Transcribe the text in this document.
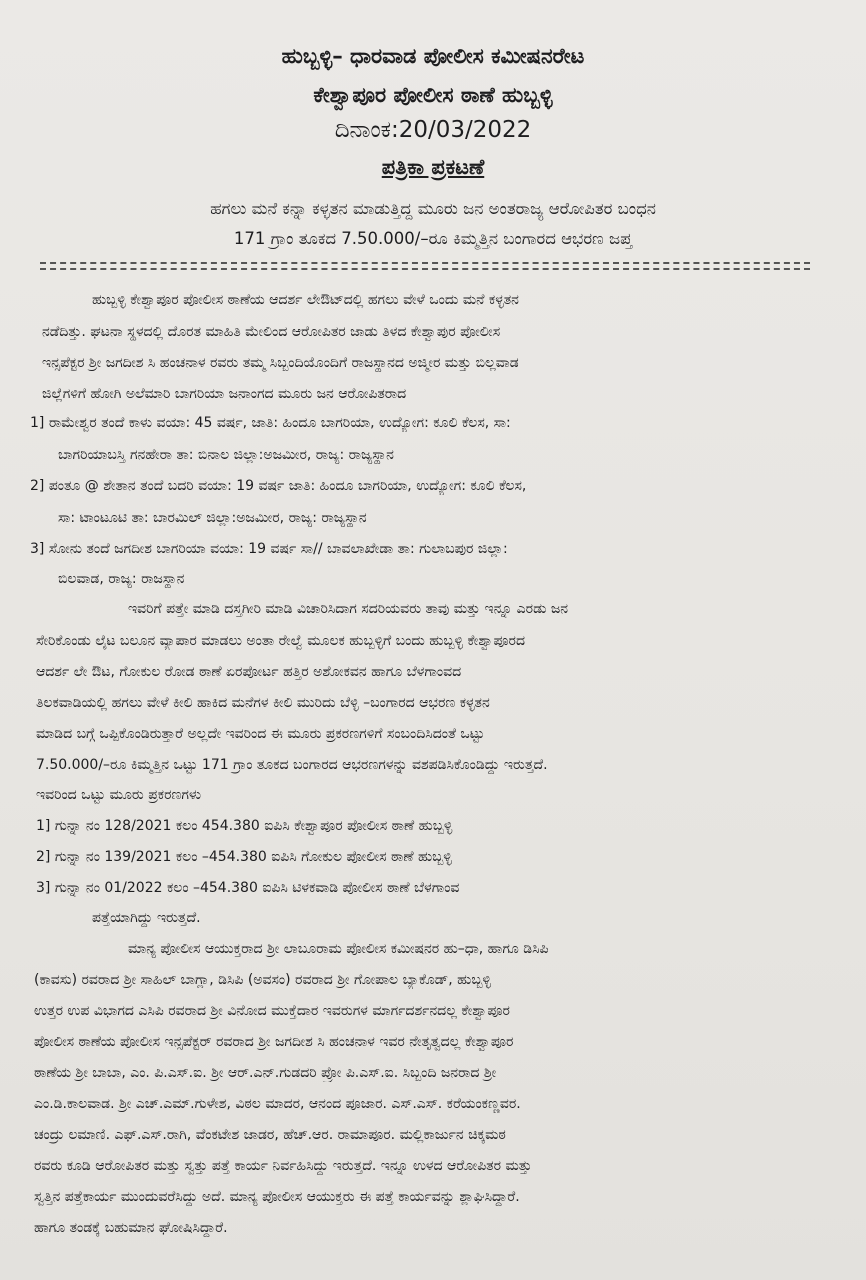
ಹುಬ್ಬಳ್ಳಿ– ಧಾರವಾಡ ಪೋಲೀಸ ಕಮೀಷನರೇಟ
ಕೇಶ್ವಾಪೂರ ಪೋಲೀಸ ಠಾಣೆ ಹುಬ್ಬಳ್ಳಿ
ದಿನಾಂಕ:20/03/2022
ಪತ್ರಿಕಾ ಪ್ರಕಟಣೆ
ಹಗಲು ಮನೆ ಕನ್ನಾ ಕಳ್ಳತನ ಮಾಡುತ್ತಿದ್ದ ಮೂರು ಜನ ಅಂತರಾಜ್ಯ ಆರೋಪಿತರ ಬಂಧನ
171 ಗ್ರಾಂ ತೂಕದ 7.50.000/–ರೂ ಕಿಮ್ಮತ್ತಿನ ಬಂಗಾರದ ಆಭರಣ ಜಪ್ತ
ಹುಬ್ಬಳ್ಳಿ ಕೇಶ್ವಾಪೂರ ಪೋಲೀಸ ಠಾಣೆಯ ಆದರ್ಶ ಲೇಔಟ್‌ದಲ್ಲಿ ಹಗಲು ವೇಳೆ ಒಂದು ಮನೆ ಕಳ್ಳತನ
ನಡೆದಿತ್ತು. ಘಟನಾ ಸ್ಥಳದಲ್ಲಿ ದೊರತ ಮಾಹಿತಿ ಮೇಲಿಂದ ಆರೋಪಿತರ ಜಾಡು ತಿಳದ ಕೇಶ್ವಾಪುರ ಪೋಲೀಸ
ಇನ್ಸಪೆಕ್ಟರ ಶ್ರೀ ಜಗದೀಶ ಸಿ ಹಂಚನಾಳ ರವರು ತಮ್ಮ ಸಿಬ್ಬಂದಿಯೊಂದಿಗೆ ರಾಜಸ್ಥಾನದ ಅಜ್ಮೀರ ಮತ್ತು ಬಿಲ್ಲವಾಡ
ಜಿಲ್ಲೆಗಳಿಗೆ ಹೋಗಿ ಅಲೆಮಾರಿ ಬಾಗರಿಯಾ ಜನಾಂಗದ ಮೂರು ಜನ ಆರೋಪಿತರಾದ
1] ರಾಮೇಶ್ವರ ತಂದೆ ಕಾಳು ವಯಾ: 45 ವರ್ಷ, ಜಾತಿ: ಹಿಂದೂ ಬಾಗರಿಯಾ, ಉದ್ಯೋಗ: ಕೂಲಿ ಕೆಲಸ, ಸಾ:
ಬಾಗರಿಯಾಬಸ್ತಿ ಗನಹೇರಾ ತಾ: ಬಿನಾಲ ಜಿಲ್ಲಾ:ಅಜಮೀರ, ರಾಜ್ಯ: ರಾಜ್ಯಸ್ಥಾನ
2] ಪಂತೂ @ ಶೇತಾನ ತಂದೆ ಬದರಿ ವಯಾ: 19 ವರ್ಷ ಜಾತಿ: ಹಿಂದೂ ಬಾಗರಿಯಾ, ಉದ್ಯೋಗ: ಕೂಲಿ ಕೆಲಸ,
ಸಾ: ಟಾಂಟೂಟಿ ತಾ: ಬಾರಮಿಲ್ ಜಿಲ್ಲಾ:ಅಜಮೀರ, ರಾಜ್ಯ: ರಾಜ್ಯಸ್ಥಾನ
3] ಸೋನು ತಂದೆ ಜಗದೀಶ ಬಾಗರಿಯಾ ವಯಾ: 19 ವರ್ಷ ಸಾ// ಬಾವಲಾಖೇಡಾ ತಾ: ಗುಲಾಬಪುರ ಜಿಲ್ಲಾ:
ಬಿಲವಾಡ, ರಾಜ್ಯ: ರಾಜಸ್ಥಾನ
ಇವರಿಗೆ ಪತ್ತೇ ಮಾಡಿ ದಸ್ತಗೀರಿ ಮಾಡಿ ವಿಚಾರಿಸಿದಾಗ ಸದರಿಯವರು ತಾವು ಮತ್ತು ಇನ್ನೂ ಎರಡು ಜನ
ಸೇರಿಕೊಂಡು ಲೈಟ ಬಲೂನ ವ್ಯಾಪಾರ ಮಾಡಲು ಅಂತಾ ರೇಲ್ವೆ ಮೂಲಕ ಹುಬ್ಬಳ್ಳಿಗೆ ಬಂದು ಹುಬ್ಬಳ್ಳಿ ಕೇಶ್ವಾಪೂರದ
ಆದರ್ಶ ಲೇ ಔಟ, ಗೋಕುಲ ರೋಡ ಠಾಣೆ ಏರಪೋರ್ಟ ಹತ್ತಿರ ಅಶೋಕವನ ಹಾಗೂ ಬೆಳಗಾಂವದ
ತಿಲಕವಾಡಿಯಲ್ಲಿ ಹಗಲು ವೇಳೆ ಕೀಲಿ ಹಾಕಿದ ಮನೆಗಳ ಕೀಲಿ ಮುರಿದು ಬೆಳ್ಳಿ –ಬಂಗಾರದ ಆಭರಣ ಕಳ್ಳತನ
ಮಾಡಿದ ಬಗ್ಗೆ ಒಪ್ಪಿಕೊಂಡಿರುತ್ತಾರೆ ಅಲ್ಲದೇ ಇವರಿಂದ ಈ ಮೂರು ಪ್ರಕರಣಗಳಿಗೆ ಸಂಬಂದಿಸಿದಂತೆ ಒಟ್ಟು
7.50.000/–ರೂ ಕಿಮ್ಮತ್ತಿನ ಒಟ್ಟು 171 ಗ್ರಾಂ ತೂಕದ ಬಂಗಾರದ ಆಭರಣಗಳನ್ನು ವಶಪಡಿಸಿಕೊಂಡಿದ್ದು ಇರುತ್ತದೆ.
ಇವರಿಂದ ಒಟ್ಟು ಮೂರು ಪ್ರಕರಣಗಳು
1] ಗುನ್ನಾ ನಂ 128/2021 ಕಲಂ 454.380 ಐಪಿಸಿ ಕೇಶ್ವಾಪೂರ ಪೋಲೀಸ ಠಾಣೆ ಹುಬ್ಬಳ್ಳಿ
2] ಗುನ್ನಾ ನಂ 139/2021 ಕಲಂ –454.380 ಐಪಿಸಿ ಗೋಕುಲ ಪೋಲೀಸ ಠಾಣೆ ಹುಬ್ಬಳ್ಳಿ
3] ಗುನ್ನಾ ನಂ 01/2022 ಕಲಂ –454.380 ಐಪಿಸಿ ಟಿಳಕವಾಡಿ ಪೋಲೀಸ ಠಾಣೆ ಬೆಳಗಾಂವ
ಪತ್ತೆಯಾಗಿದ್ದು ಇರುತ್ತದೆ.
ಮಾನ್ಯ ಪೋಲೀಸ ಆಯುಕ್ತರಾದ ಶ್ರೀ ಲಾಬೂರಾಮ ಪೋಲೀಸ ಕಮೀಷನರ ಹು–ಧಾ, ಹಾಗೂ ಡಿಸಿಪಿ
(ಕಾವಸು) ರವರಾದ ಶ್ರೀ ಸಾಹಿಲ್ ಬಾಗ್ಲಾ, ಡಿಸಿಪಿ (ಅವಸಂ) ರವರಾದ ಶ್ರೀ ಗೋಪಾಲ ಬ್ಯಾಕೊಡ್, ಹುಬ್ಬಳ್ಳಿ
ಉತ್ತರ ಉಪ ವಿಭಾಗದ ಎಸಿಪಿ ರವರಾದ ಶ್ರೀ ವಿನೋದ ಮುಕ್ತೆದಾರ ಇವರುಗಳ ಮಾರ್ಗದರ್ಶನದಲ್ಲ ಕೇಶ್ವಾಪೂರ
ಪೋಲೀಸ ಠಾಣೆಯ ಪೋಲೀಸ ಇನ್ಸಪೆಕ್ಟರ್ ರವರಾದ ಶ್ರೀ ಜಗದೀಶ ಸಿ ಹಂಚನಾಳ ಇವರ ನೇತೃತ್ವದಲ್ಲ ಕೇಶ್ವಾಪೂರ
ಠಾಣೆಯ ಶ್ರೀ ಬಾಬಾ, ಎಂ. ಪಿ.ಎಸ್.ಐ. ಶ್ರೀ ಆರ್.ಎನ್.ಗುಡದರಿ ಪ್ರೋ ಪಿ.ಎಸ್.ಐ. ಸಿಬ್ಬಂದಿ ಜನರಾದ ಶ್ರೀ
ಎಂ.ಡಿ.ಕಾಲವಾಡ. ಶ್ರೀ ಎಚ್.ಎಮ್.ಗುಳೇಶ, ವಿಠಲ ಮಾದರ, ಆನಂದ ಪೂಜಾರ. ಎಸ್.ಎಸ್. ಕರೆಯಂಕಣ್ಣವರ.
ಚಂದ್ರು ಲಮಾಣಿ. ಎಫ್.ಎಸ್.ರಾಗಿ, ವೆಂಕಟೇಶ ಜಾಡರ, ಹೆಚ್.ಆರ. ರಾಮಾಪೂರ. ಮಲ್ಲಿಕಾರ್ಜುನ ಚಿಕ್ಕಮಠ
ರವರು ಕೂಡಿ ಆರೋಪಿತರ ಮತ್ತು ಸ್ವತ್ತು ಪತ್ತೆ ಕಾರ್ಯ ನಿರ್ವಹಿಸಿದ್ದು ಇರುತ್ತದೆ. ಇನ್ನೂ ಉಳದ ಆರೋಪಿತರ ಮತ್ತು
ಸ್ವತ್ತಿನ ಪತ್ತೆಕಾರ್ಯ ಮುಂದುವರೆಸಿದ್ದು ಅದೆ. ಮಾನ್ಯ ಪೋಲೀಸ ಆಯುಕ್ತರು ಈ ಪತ್ತೆ ಕಾರ್ಯವನ್ನು ಶ್ಲಾಘಿಸಿದ್ದಾರೆ.
ಹಾಗೂ ತಂಡಕ್ಕೆ ಬಹುಮಾನ ಘೋಷಿಸಿದ್ದಾರೆ.
